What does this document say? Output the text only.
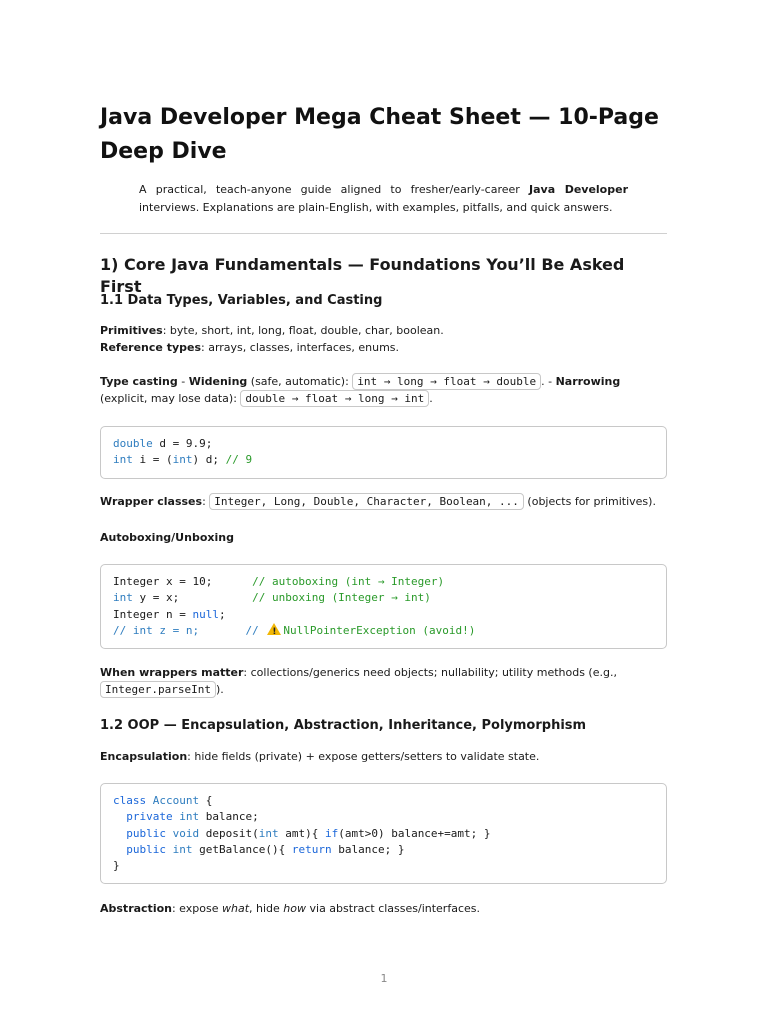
Java Developer Mega Cheat Sheet — 10-Page Deep Dive

A practical, teach-anyone guide aligned to fresher/early-career Java Developer interviews. Explanations are plain-English, with examples, pitfalls, and quick answers.

1) Core Java Fundamentals — Foundations You’ll Be Asked First
1.1 Data Types, Variables, and Casting

Primitives: byte, short, int, long, float, double, char, boolean.
Reference types: arrays, classes, interfaces, enums.

Type casting - Widening (safe, automatic): int → long → float → double . - Narrowing (explicit, may lose data): double → float → long → int .

double d = 9.9;
int i = (int) d; // 9

Wrapper classes: Integer, Long, Double, Character, Boolean, ... (objects for primitives).

Autoboxing/Unboxing

Integer x = 10;      // autoboxing (int → Integer)
int y = x;           // unboxing (Integer → int)
Integer n = null;
// int z = n;       //  !NullPointerException (avoid!)

When wrappers matter: collections/generics need objects; nullability; utility methods (e.g.,
Integer.parseInt ).

1.2 OOP — Encapsulation, Abstraction, Inheritance, Polymorphism

Encapsulation: hide fields (private) + expose getters/setters to validate state.

class Account {
private int balance;
public void deposit(int amt){ if(amt>0) balance+=amt; }
public int getBalance(){ return balance; }
}

Abstraction: expose what, hide how via abstract classes/interfaces.

1
